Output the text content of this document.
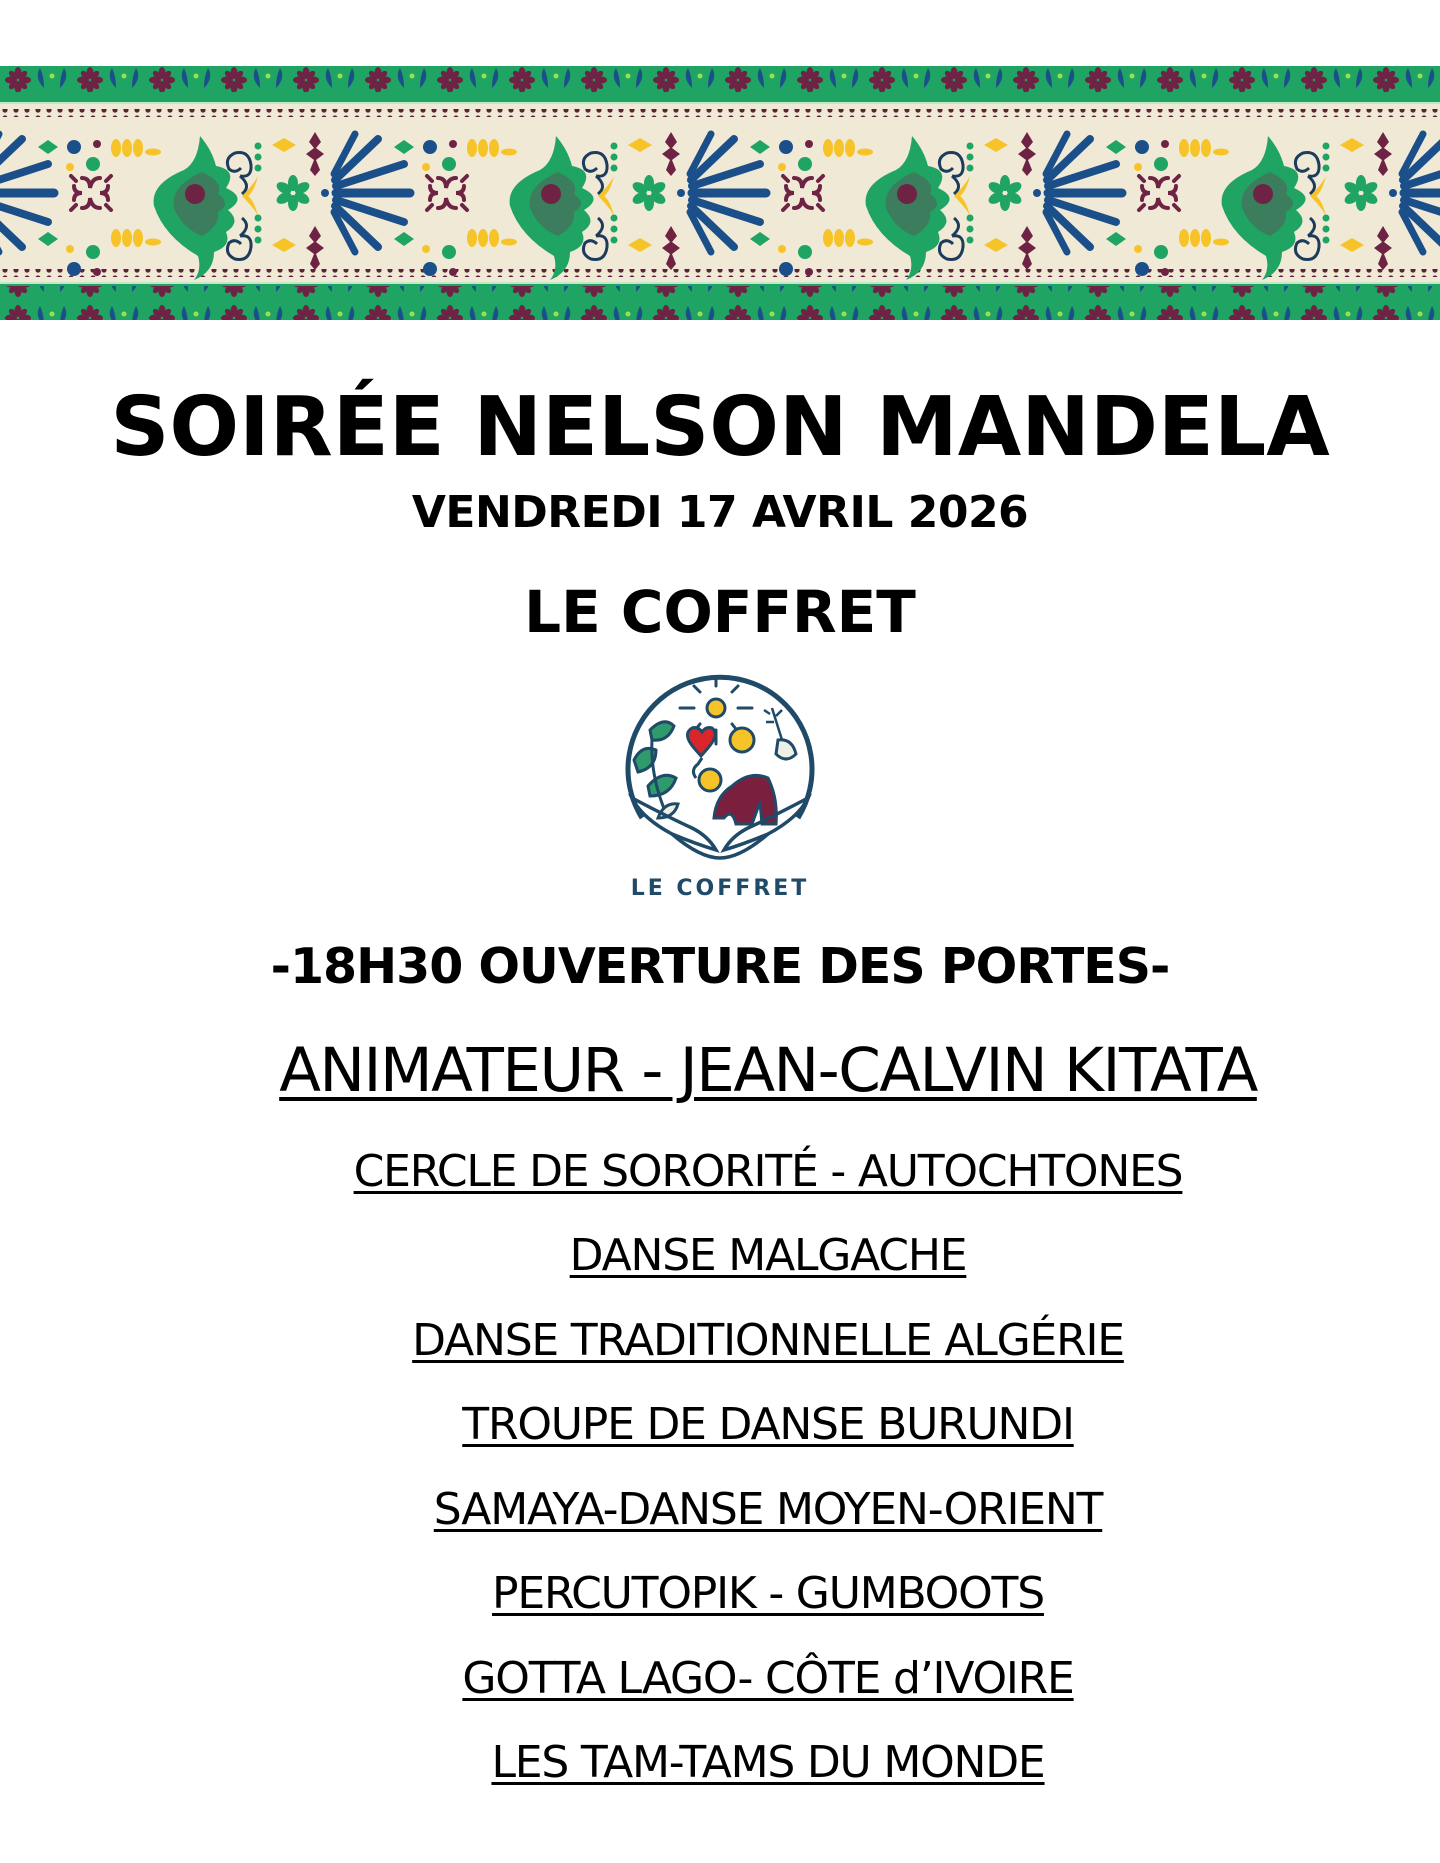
SOIRÉE NELSON MANDELA
VENDREDI 17 AVRIL 2026
LE COFFRET
LE COFFRET
-18H30 OUVERTURE DES PORTES-
ANIMATEUR - JEAN-CALVIN KITATA
CERCLE DE SORORITÉ - AUTOCHTONES
DANSE MALGACHE
DANSE TRADITIONNELLE ALGÉRIE
TROUPE DE DANSE BURUNDI
SAMAYA-DANSE MOYEN-ORIENT
PERCUTOPIK - GUMBOOTS
GOTTA LAGO- CÔTE d’IVOIRE
LES TAM-TAMS DU MONDE
